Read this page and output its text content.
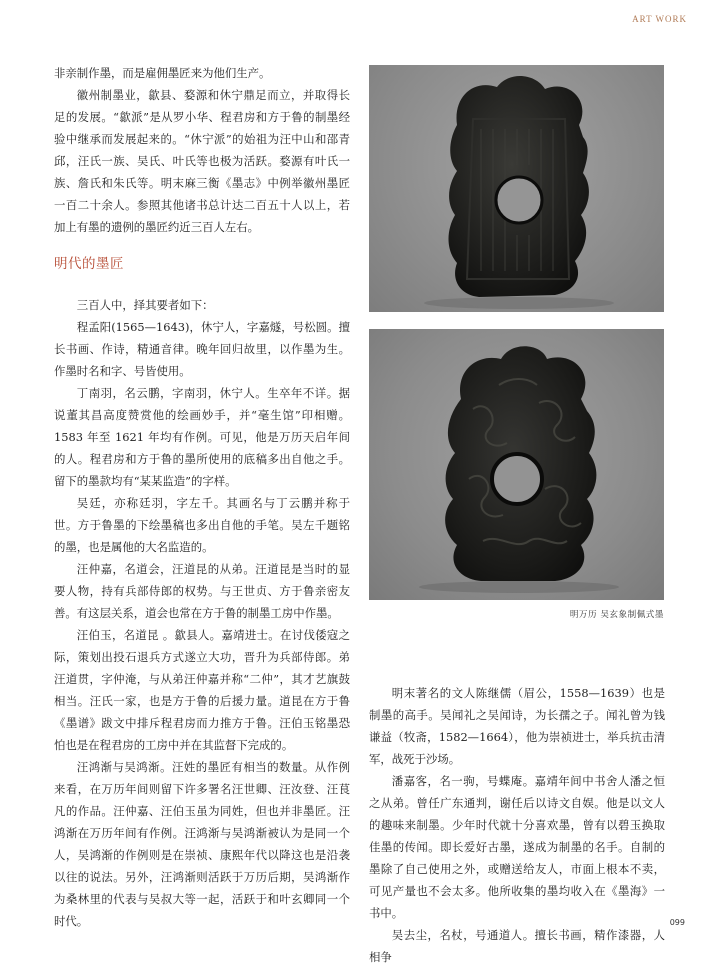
ART WORK

非亲制作墨，而是雇佣墨匠来为他们生产。

徽州制墨业，歙县、婺源和休宁鼎足而立，并取得长足的发展。“歙派”是从罗小华、程君房和方于鲁的制墨经验中继承而发展起来的。“休宁派”的始祖为汪中山和邵青邱，汪氏一族、吴氏、叶氏等也极为活跃。婺源有叶氏一族、詹氏和朱氏等。明末麻三衡《墨志》中例举徽州墨匠一百二十余人。参照其他诸书总计达二百五十人以上，若加上有墨的遗例的墨匠约近三百人左右。

明代的墨匠

三百人中，择其要者如下：

程孟阳(1565—1643)，休宁人，字嘉燧，号松圆。擅长书画、作诗，精通音律。晚年回归故里，以作墨为生。作墨时名和字、号皆使用。

丁南羽，名云鹏，字南羽，休宁人。生卒年不详。据说董其昌高度赞赏他的绘画妙手，并“毫生馆”印相赠。1583 年至 1621 年均有作例。可见，他是万历天启年间的人。程君房和方于鲁的墨所使用的底稿多出自他之手。留下的墨款均有“某某监造”的字样。

吴廷，亦称廷羽，字左千。其画名与丁云鹏并称于世。方于鲁墨的下绘墨稿也多出自他的手笔。吴左千题铭的墨，也是属他的大名监造的。

汪仲嘉，名道会，汪道昆的从弟。汪道昆是当时的显要人物，持有兵部侍郎的权势。与王世贞、方于鲁亲密友善。有这层关系，道会也常在方于鲁的制墨工房中作墨。

汪伯玉，名道昆 。歙县人。嘉靖进士。在讨伐倭寇之际，策划出投石退兵方式遂立大功，晋升为兵部侍郎。弟汪道贯，字仲淹，与从弟汪仲嘉并称“二仲”，其才艺旗鼓相当。汪氏一家，也是方于鲁的后援力量。道昆在方于鲁《墨谱》跋文中排斥程君房而力推方于鲁。汪伯玉铭墨恐怕也是在程君房的工房中并在其监督下完成的。

汪鸿渐与吴鸿渐。汪姓的墨匠有相当的数量。从作例来看，在万历年间则留下许多署名汪世卿、汪汝登、汪茛凡的作品。汪仲嘉、汪伯玉虽为同姓，但也并非墨匠。汪鸿渐在万历年间有作例。汪鸿渐与吴鸿渐被认为是同一个人，吴鸿渐的作例则是在崇祯、康熙年代以降这也是沿袭以往的说法。另外，汪鸿渐则活跃于万历后期，吴鸿渐作为桑林里的代表与吴叔大等一起，活跃于和叶玄卿同一个时代。

明万历 吴玄象制佩式墨

明末著名的文人陈继儒（眉公，1558—1639）也是制墨的高手。吴闻礼之吴闻诗，为长孺之子。闻礼曾为钱谦益（牧斋，1582—1664），他为崇祯进士，举兵抗击清军，战死于沙场。

潘嘉客，名一驹，号蝶庵。嘉靖年间中书舍人潘之恒之从弟。曾任广东通判，谢任后以诗文自娱。他是以文人的趣味来制墨。少年时代就十分喜欢墨，曾有以碧玉换取佳墨的传闻。即长爱好古墨，遂成为制墨的名手。自制的墨除了自己使用之外，或赠送给友人，市面上根本不卖，可见产量也不会太多。他所收集的墨均收入在《墨海》一书中。

吴去尘，名杖，号通道人。擅长书画，精作漆器，人相争

099
